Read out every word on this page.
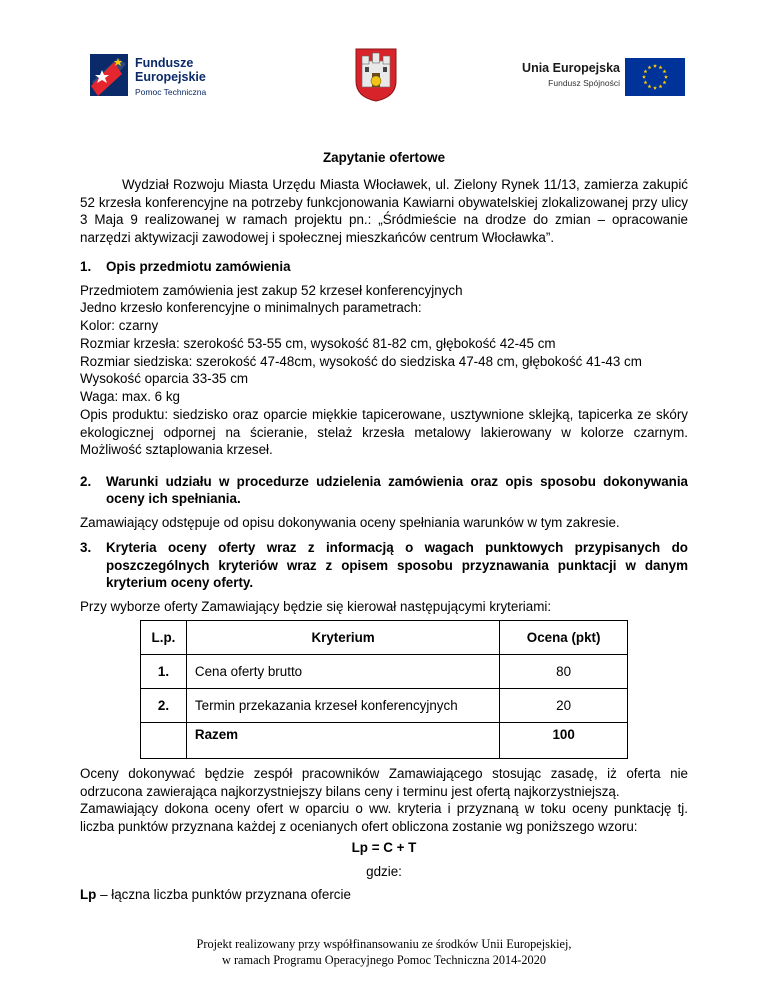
Fundusze
Europejskie
Pomoc Techniczna
Unia Europejska
Fundusz Spójności
Zapytanie ofertowe

Wydział Rozwoju Miasta Urzędu Miasta Włocławek, ul. Zielony Rynek 11/13, zamierza zakupić 52 krzesła konferencyjne na potrzeby funkcjonowania Kawiarni obywatelskiej zlokalizowanej przy ulicy 3 Maja 9 realizowanej w ramach projektu pn.: „Śródmieście na drodze do zmian – opracowanie narzędzi aktywizacji zawodowej i społecznej mieszkańców centrum Włocławka”.

1.	Opis przedmiotu zamówienia
Przedmiotem zamówienia jest zakup 52 krzeseł konferencyjnych
Jedno krzesło konferencyjne o minimalnych parametrach:
Kolor: czarny
Rozmiar krzesła: szerokość 53-55 cm, wysokość 81-82 cm, głębokość 42-45 cm
Rozmiar siedziska: szerokość 47-48cm, wysokość do siedziska 47-48 cm, głębokość 41-43 cm
Wysokość oparcia 33-35 cm
Waga: max. 6 kg

Opis produktu: siedzisko oraz oparcie miękkie tapicerowane, usztywnione sklejką, tapicerka ze skóry ekologicznej odpornej na ścieranie, stelaż krzesła metalowy lakierowany w kolorze czarnym. Możliwość sztaplowania krzeseł.

2.	Warunki udziału w procedurze udzielenia zamówienia oraz opis sposobu dokonywania oceny ich spełniania.

Zamawiający odstępuje od opisu dokonywania oceny spełniania warunków w tym zakresie.

3.	Kryteria oceny oferty wraz z informacją o wagach punktowych przypisanych do poszczególnych kryteriów wraz z opisem sposobu przyznawania punktacji w danym kryterium oceny oferty.

Przy wyborze oferty Zamawiający będzie się kierował następującymi kryteriami:

L.p.	Kryterium	Ocena (pkt)
1.	Cena oferty brutto	80
2.	Termin przekazania krzeseł konferencyjnych	20
	Razem	100

Oceny dokonywać będzie zespół pracowników Zamawiającego stosując zasadę, iż oferta nie odrzucona zawierająca najkorzystniejszy bilans ceny i terminu jest ofertą najkorzystniejszą.

Zamawiający dokona oceny ofert w oparciu o ww. kryteria i przyznaną w toku oceny punktację tj. liczba punktów przyznana każdej z ocenianych ofert obliczona zostanie wg poniższego wzoru:

Lp = C + T
gdzie:

Lp – łączna liczba punktów przyznana ofercie

Projekt realizowany przy współfinansowaniu ze środków Unii Europejskiej,
w ramach Programu Operacyjnego Pomoc Techniczna 2014-2020
